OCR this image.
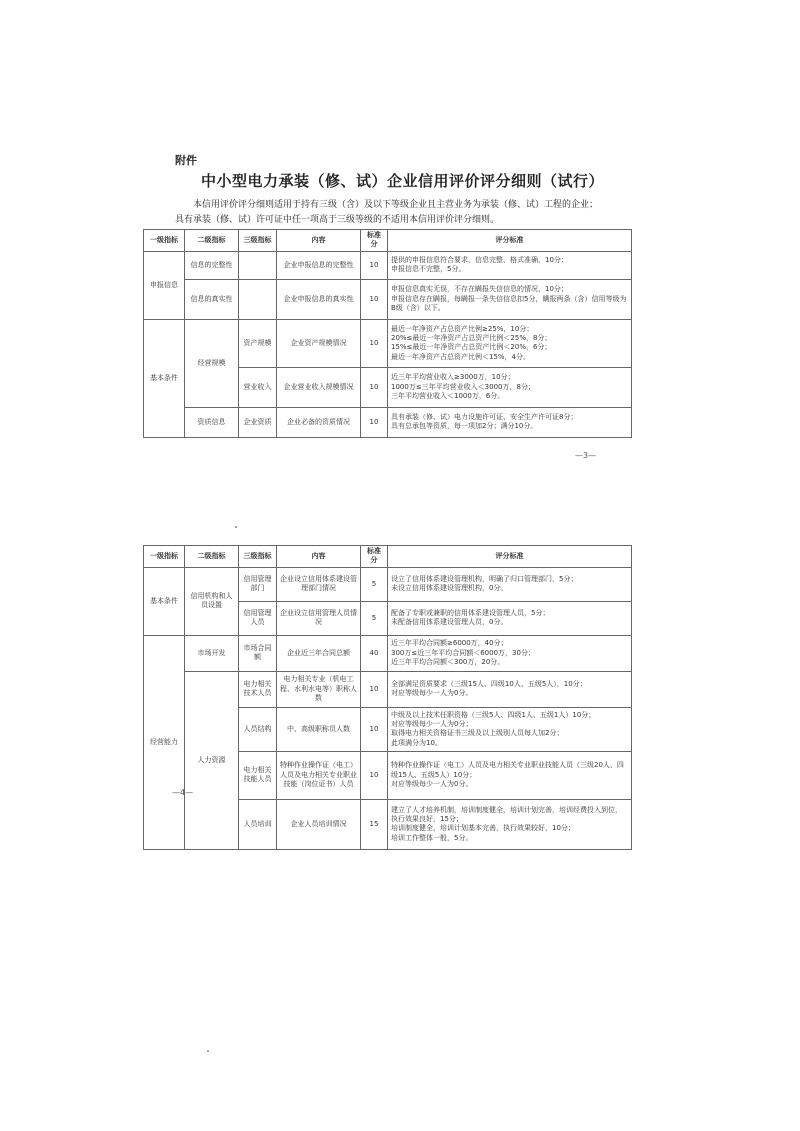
附件
中小型电力承装（修、试）企业信用评价评分细则（试行）
本信用评价评分细则适用于持有三级（含）及以下等级企业且主营业务为承装（修、试）工程的企业；
具有承装（修、试）许可证中任一项高于三级等级的不适用本信用评价评分细则。
一级指标	二级指标	三级指标	内容	标准分	评分标准
申报信息	信息的完整性		企业申报信息的完整性	10	提供的申报信息符合要求，信息完整、格式准确，10分；
申报信息不完整，5分。

	信息的真实性		企业申报信息的真实性	10	申报信息真实无误，不存在瞒报失信信息的情况，10分；
申报信息存在瞒报，每瞒报一条失信信息扣5分，瞒报两条（含）信用等级为B级（含）以下。

基本条件	经营规模	资产规模	企业资产规模情况	10	最近一年净资产占总资产比例≥25%，10分；
20%≤最近一年净资产占总资产比例＜25%，8分；
15%≤最近一年净资产占总资产比例＜20%，6分；
最近一年净资产占总资产比例＜15%，4分。

		营业收入	企业营业收入规模情况	10	近三年平均营业收入≥3000万，10分；
1000万≤三年平均营业收入＜3000万，8分；
三年平均营业收入＜1000万，6分。

	资质信息	企业资质	企业必备的资质情况	10	具有承装（修、试）电力设施许可证、安全生产许可证8分；
具有总承包等资质，每一项加2分；满分10分。
—3—
一级指标	二级指标	三级指标	内容	标准分	评分标准
基本条件	信用机构和人员设置	信用管理部门	企业设立信用体系建设管理部门情况	5	设立了信用体系建设管理机构，明确了归口管理部门，5分；
未设立信用体系建设管理机构，0分。

		信用管理人员	企业设立信用管理人员情况	5	配备了专职或兼职的信用体系建设管理人员，5分；
未配备信用体系建设管理人员，0分。

经营能力	市场开发	市场合同额	企业近三年合同总额	40	近三年平均合同额≥6000万，40分；
300万≤近三年平均合同额＜6000万，30分；
近三年平均合同额＜300万，20分。

	人力资源	电力相关技术人员	电力相关专业（机电工程、水利水电等）职称人数	10	全部满足资质要求（三级15人、四级10人、五级5人），10分；
对应等级每少一人为0分。

		人员结构	中、高级职称员人数	10	中级及以上技术任职资格（三级5人、四级1人、五级1人）10分；
对应等级每少一人为0分；
取得电力相关资格证书三级及以上级别人员每人加2分；
此项满分为10。

		电力相关技能人员	特种作业操作证（电工）人员及电力相关专业职业技能（岗位证书）人员	10	特种作业操作证（电工）人员及电力相关专业职业技能人员（三级20人、四级15人、五级5人）10分；
对应等级每少一人为0分。

		人员培训	企业人员培训情况	15	建立了人才培养机制，培训制度健全，培训计划完善，培训经费投入到位，执行效果良好，15分；
培训制度健全，培训计划基本完善，执行效果较好，10分；
培训工作整体一般，5分。
—4—
